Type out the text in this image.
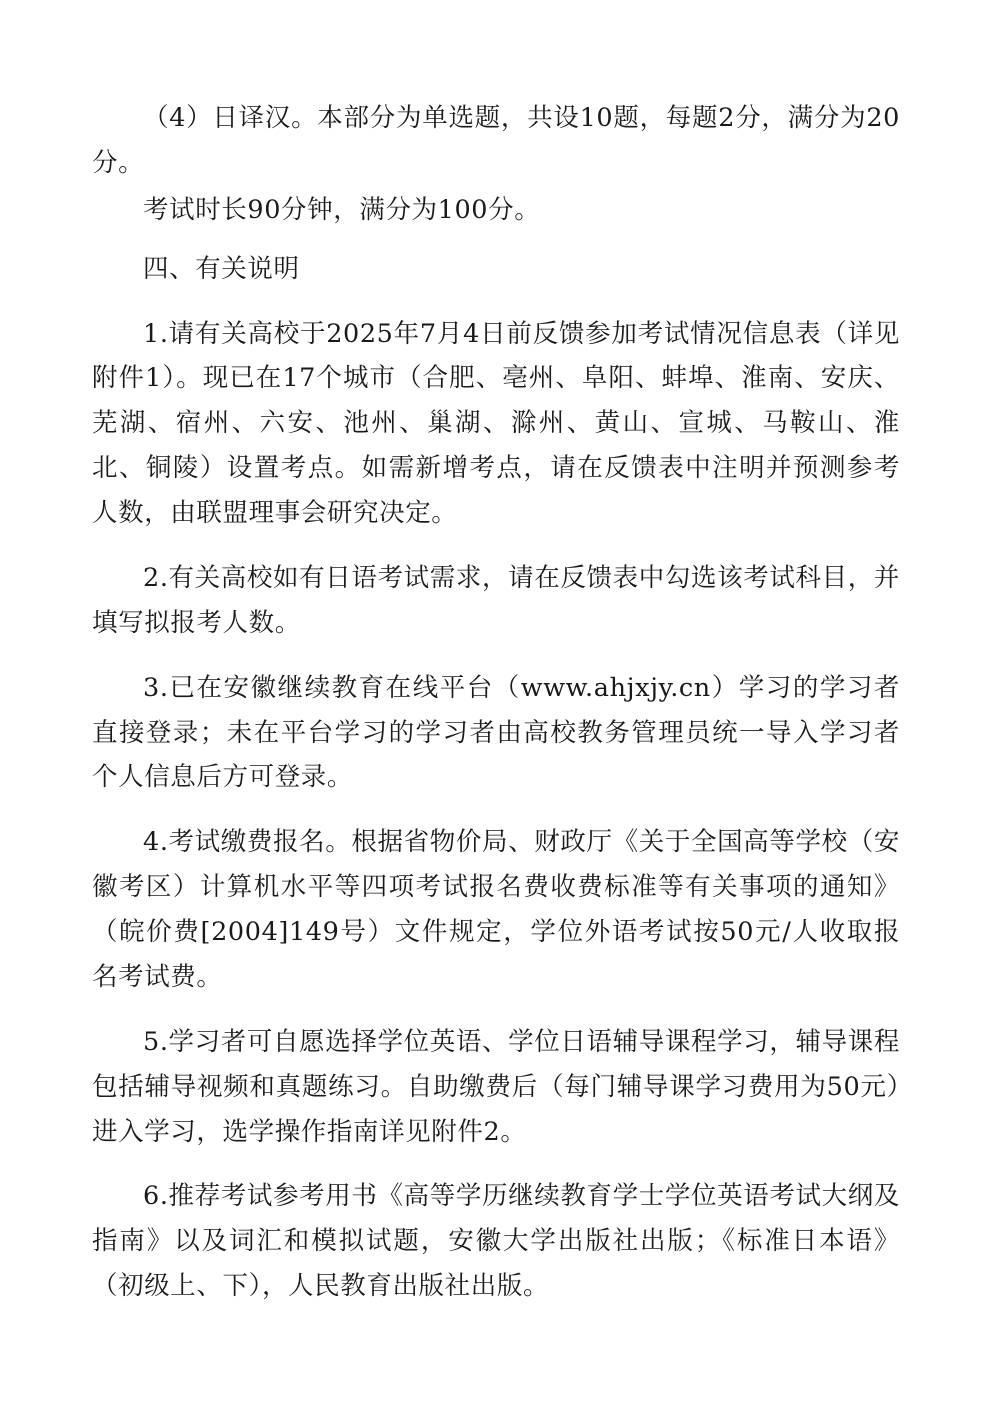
（4）日译汉。本部分为单选题，共设10题，每题2分，满分为20分。

考试时长90分钟，满分为100分。

四、有关说明

1.请有关高校于2025年7月4日前反馈参加考试情况信息表（详见附件1）。现已在17个城市（合肥、亳州、阜阳、蚌埠、淮南、安庆、芜湖、宿州、六安、池州、巢湖、滁州、黄山、宣城、马鞍山、淮北、铜陵）设置考点。如需新增考点，请在反馈表中注明并预测参考人数，由联盟理事会研究决定。

2.有关高校如有日语考试需求，请在反馈表中勾选该考试科目，并填写拟报考人数。

3.已在安徽继续教育在线平台（www.ahjxjy.cn）学习的学习者直接登录；未在平台学习的学习者由高校教务管理员统一导入学习者个人信息后方可登录。

4.考试缴费报名。根据省物价局、财政厅《关于全国高等学校（安徽考区）计算机水平等四项考试报名费收费标准等有关事项的通知》（皖价费[2004]149号）文件规定，学位外语考试按50元/人收取报名考试费。

5.学习者可自愿选择学位英语、学位日语辅导课程学习，辅导课程包括辅导视频和真题练习。自助缴费后（每门辅导课学习费用为50元）进入学习，选学操作指南详见附件2。

6.推荐考试参考用书《高等学历继续教育学士学位英语考试大纲及指南》以及词汇和模拟试题，安徽大学出版社出版；《标准日本语》（初级上、下），人民教育出版社出版。
